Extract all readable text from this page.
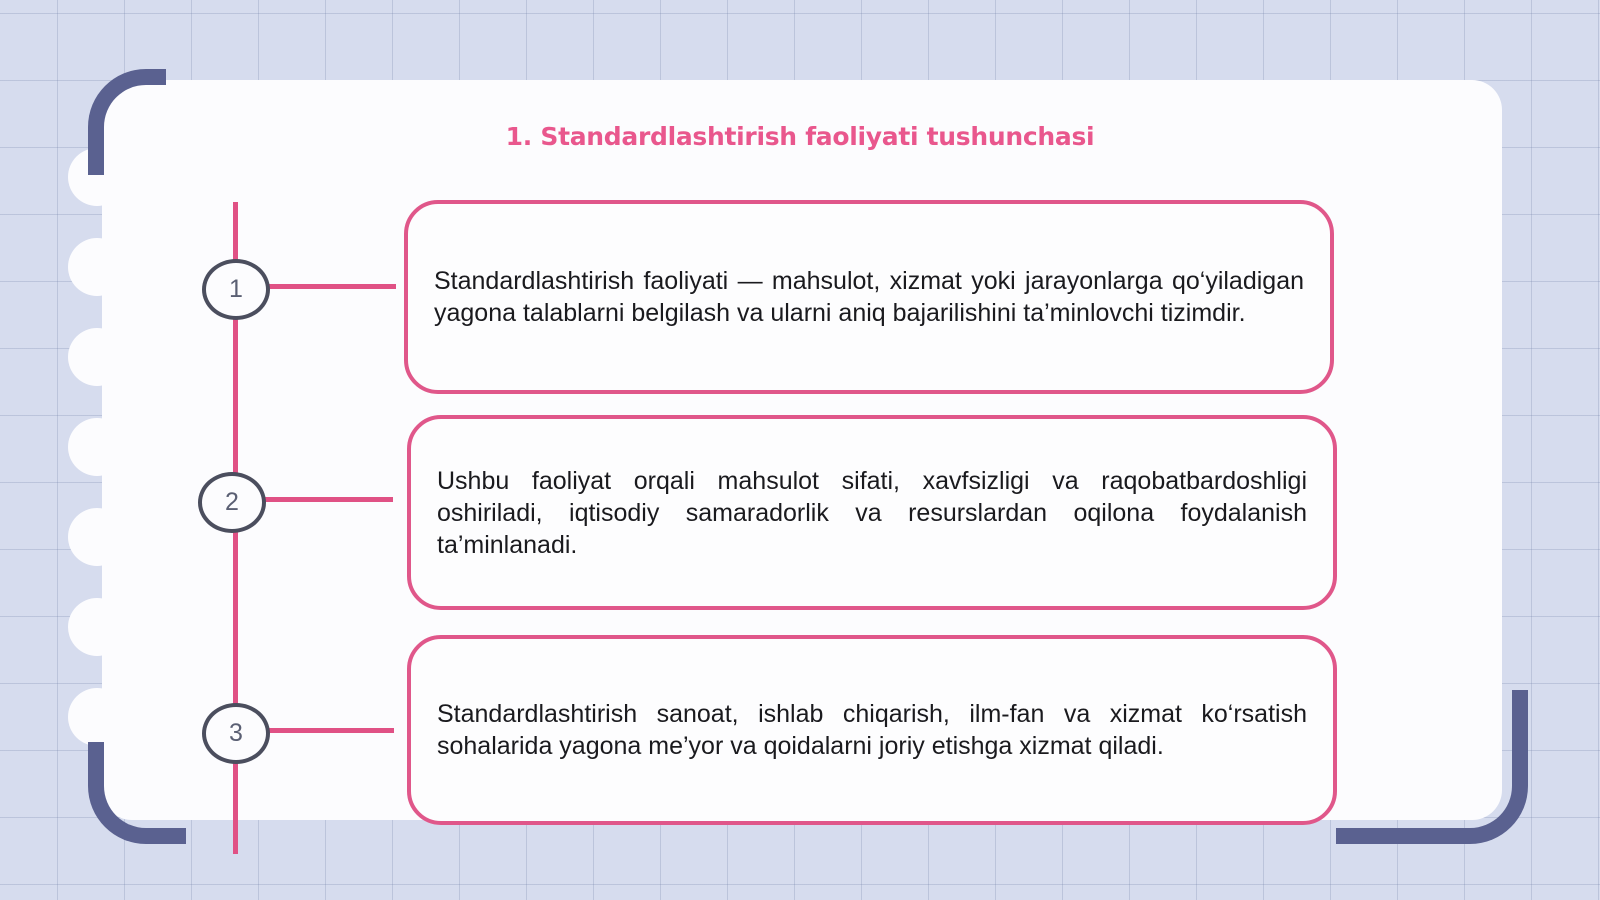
1. Standardlashtirish faoliyati tushunchasi
1
2
3

Standardlashtirish faoliyati — mahsulot, xizmat yoki jarayonlarga qo‘yiladigan yagona talablarni belgilash va ularni aniq bajarilishini ta’minlovchi tizimdir.

Ushbu faoliyat orqali mahsulot sifati, xavfsizligi va raqobatbardoshligi oshiriladi, iqtisodiy samaradorlik va resurslardan oqilona foydalanish ta’minlanadi.

Standardlashtirish sanoat, ishlab chiqarish, ilm-fan va xizmat ko‘rsatish sohalarida yagona me’yor va qoidalarni joriy etishga xizmat qiladi.
